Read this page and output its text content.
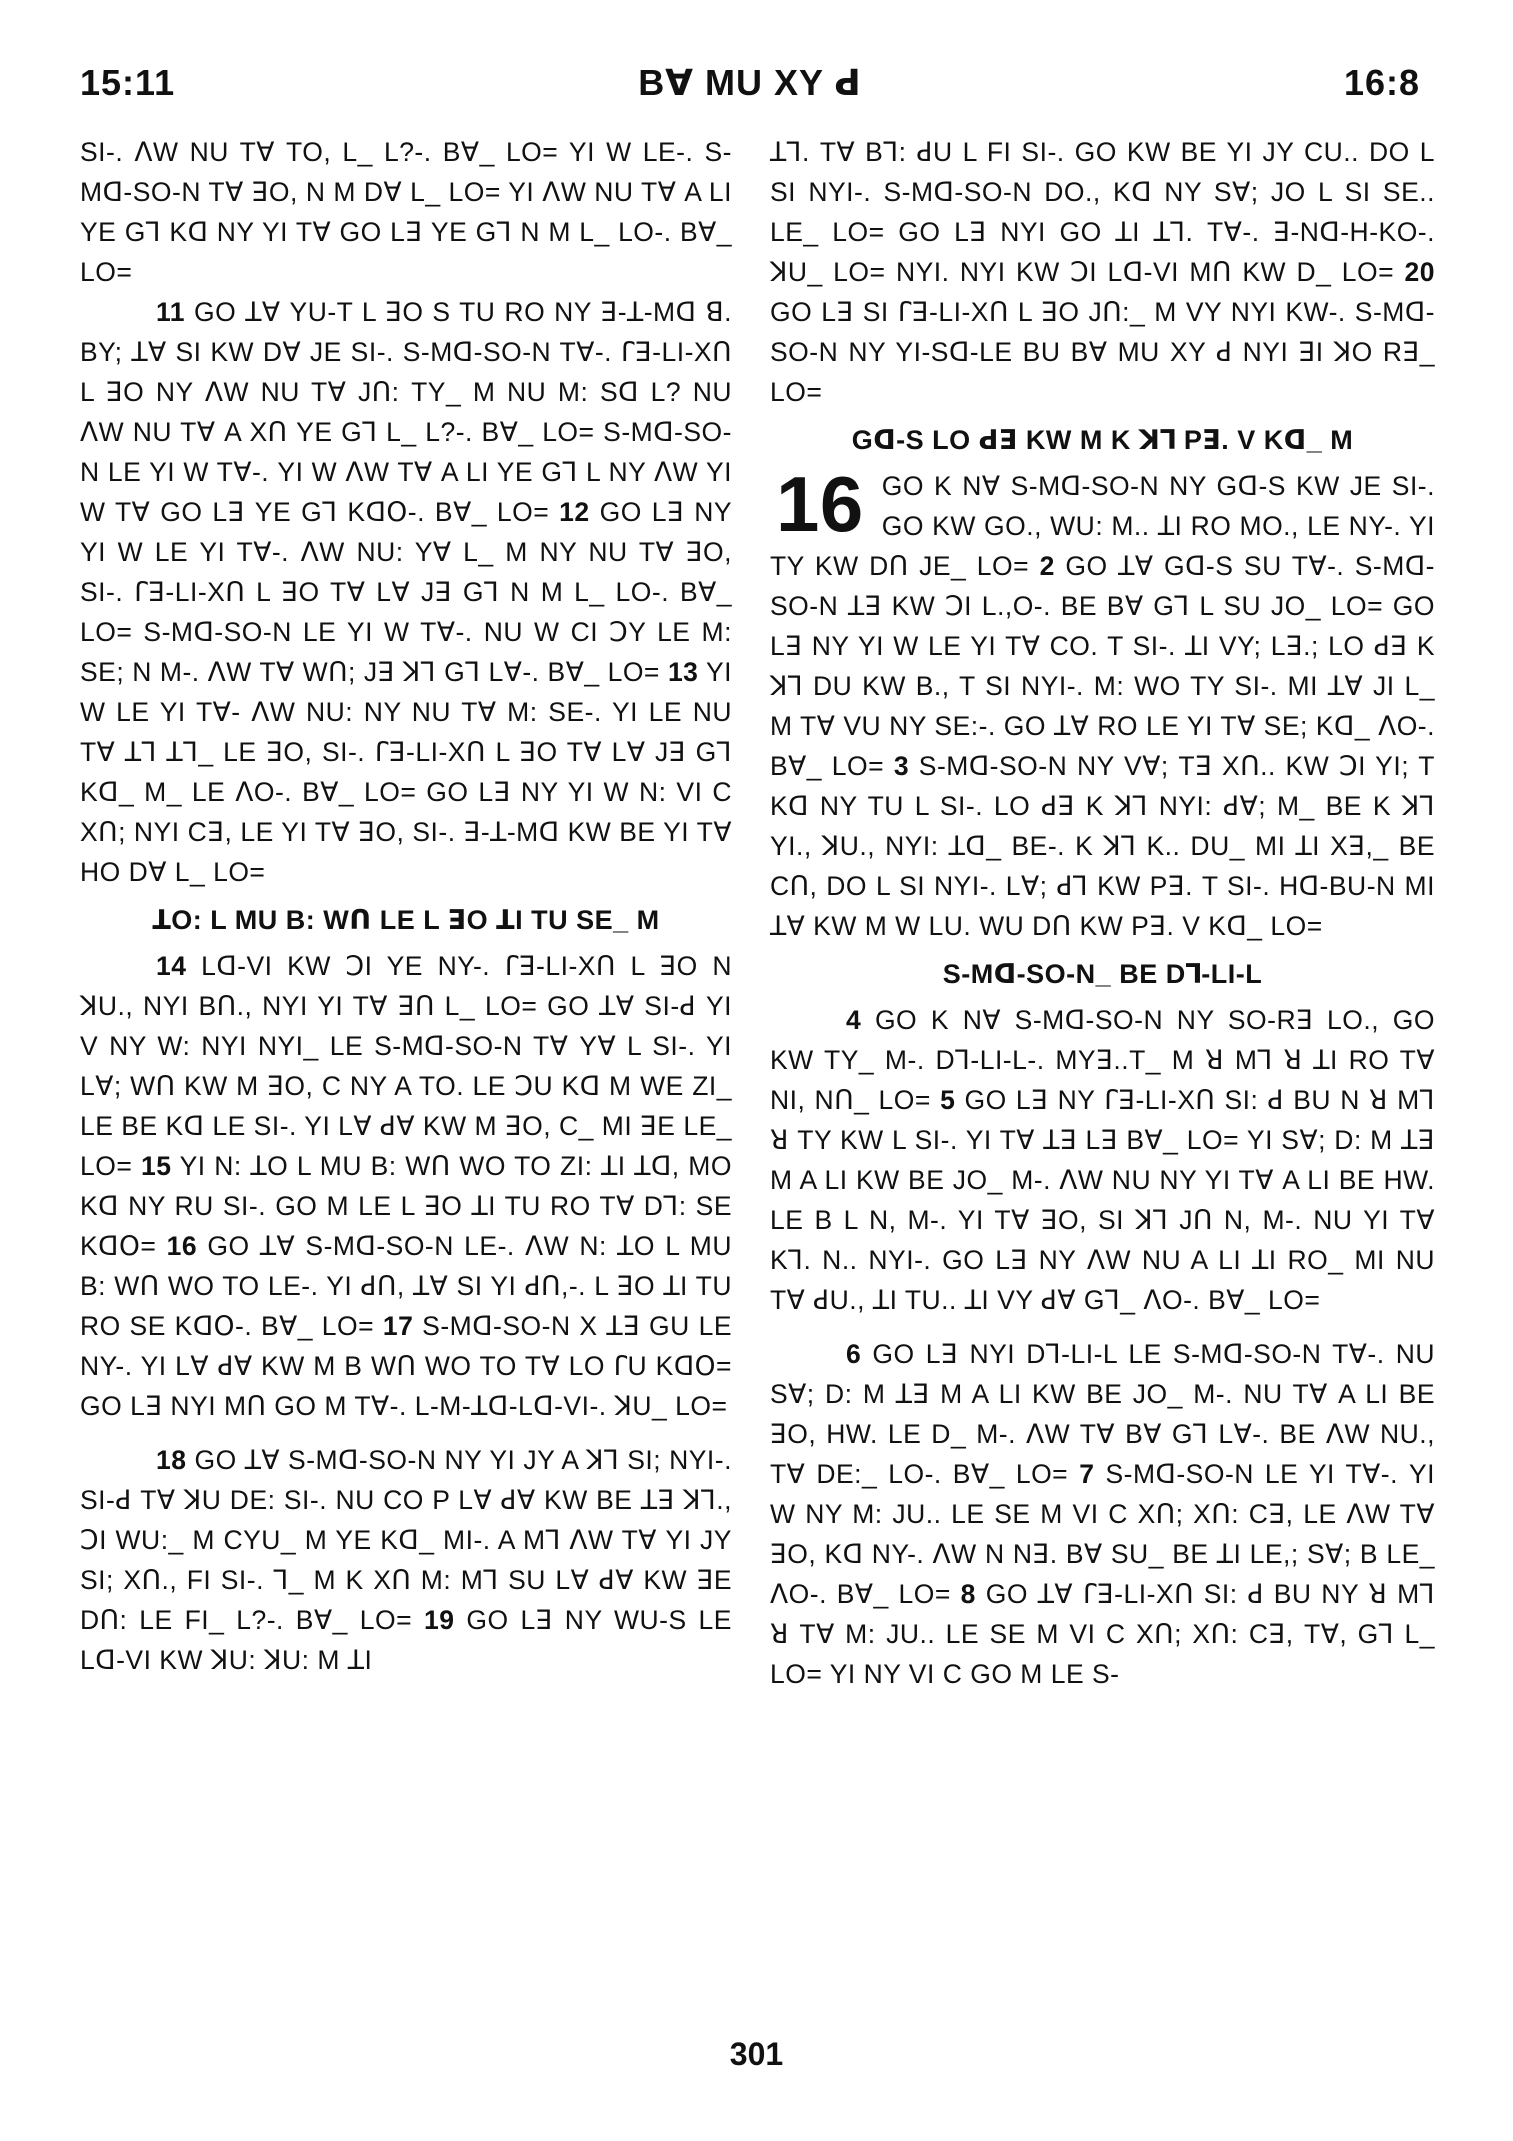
15:11	Bꓯ MU XY ꓒ	16:8

SI-. ꓥW NU Tꓯ TO, L_ L?-. Bꓯ_ LO= YI W LE-. S-Mꓷ-SO-N Tꓯ ꓱO, N M Dꓯ L_ LO= YI ꓥW NU Tꓯ A LI YE Gꓶ Kꓷ NY YI Tꓯ GO Lꓱ YE Gꓶ N M L_ LO-. Bꓯ_ LO=

11 GO ꓕꓯ YU-T L ꓱO S TU RO NY ꓱ-ꓕ-Mꓷ ꓭ. BY; ꓕꓯ SI KW Dꓯ JE SI-. S-Mꓷ-SO-N Tꓯ-. ꓩꓱ-LI-Xꓵ L ꓱO NY ꓥW NU Tꓯ Jꓵ: TY_ M NU M: Sꓷ L? NU ꓥW NU Tꓯ A Xꓵ YE Gꓶ L_ L?-. Bꓯ_ LO= S-Mꓷ-SO-N LE YI W Tꓯ-. YI W ꓥW Tꓯ A LI YE Gꓶ L NY ꓥW YI W Tꓯ GO Lꓱ YE Gꓶ Kꓷꓳ-. Bꓯ_ LO= 12 GO Lꓱ NY YI W LE YI Tꓯ-. ꓥW NU: Yꓯ L_ M NY NU Tꓯ ꓱO, SI-. ꓩꓱ-LI-Xꓵ L ꓱO Tꓯ Lꓯ Jꓱ Gꓶ N M L_ LO-. Bꓯ_ LO= S-Mꓷ-SO-N LE YI W Tꓯ-. NU W CI ꓛY LE M: SE; N M-. ꓥW Tꓯ Wꓵ; Jꓱ ꓘꓶ Gꓶ Lꓯ-. Bꓯ_ LO= 13 YI W LE YI Tꓯ- ꓥW NU: NY NU Tꓯ M: SE-. YI LE NU Tꓯ ꓕꓶ ꓕꓶ_ LE ꓱO, SI-. ꓩꓱ-LI-Xꓵ L ꓱO Tꓯ Lꓯ Jꓱ Gꓶ Kꓷ_ M_ LE ꓥO-. Bꓯ_ LO= GO Lꓱ NY YI W N: VI C Xꓵ; NYI Cꓱ, LE YI Tꓯ ꓱO, SI-. ꓱ-ꓕ-Mꓷ KW BE YI Tꓯ HO Dꓯ L_ LO=

ꓕO: L MU B: Wꓵ LE L ꓱO ꓕI TU SE_ M

14 Lꓷ-VI KW ꓛI YE NY-. ꓩꓱ-LI-Xꓵ L ꓱO N ꓘU., NYI Bꓵ., NYI YI Tꓯ ꓱꓵ L_ LO= GO ꓕꓯ SI-ꓒ YI V NY W: NYI NYI_ LE S-Mꓷ-SO-N Tꓯ Yꓯ L SI-. YI Lꓯ; Wꓵ KW M ꓱO, C NY A TO. LE ꓛU Kꓷ M WE ZI_ LE BE Kꓷ LE SI-. YI Lꓯ ꓒꓯ KW M ꓱO, C_ MI ꓱE LE_ LO= 15 YI N: ꓕO L MU B: Wꓵ WO TO ZI: ꓕI ꓕꓷ, MO Kꓷ NY RU SI-. GO M LE L ꓱO ꓕI TU RO Tꓯ Dꓶ: SE Kꓷꓳ= 16 GO ꓕꓯ S-Mꓷ-SO-N LE-. ꓥW N: ꓕO L MU B: Wꓵ WO TO LE-. YI ꓒꓵ, ꓕꓯ SI YI ꓒꓵ,-. L ꓱO ꓕI TU RO SE Kꓷꓳ-. Bꓯ_ LO= 17 S-Mꓷ-SO-N X ꓕꓱ GU LE NY-. YI Lꓯ ꓒꓯ KW M B Wꓵ WO TO Tꓯ LO ꓩU Kꓷꓳ= GO Lꓱ NYI Mꓵ GO M Tꓯ-. L-M-ꓕꓷ-Lꓷ-VI-. ꓘU_ LO=

18 GO ꓕꓯ S-Mꓷ-SO-N NY YI JY A ꓘꓶ SI; NYI-. SI-ꓒ Tꓯ ꓘU DE: SI-. NU CO P Lꓯ ꓒꓯ KW BE ꓕꓱ ꓘꓶ., ꓛI WU:_ M CYU_ M YE Kꓷ_ MI-. A Mꓶ ꓥW Tꓯ YI JY SI; Xꓵ., FI SI-. ꓶ_ M K Xꓵ M: Mꓶ SU Lꓯ ꓒꓯ KW ꓱE Dꓵ: LE FI_ L?-. Bꓯ_ LO= 19 GO Lꓱ NY WU-S LE Lꓷ-VI KW ꓘU: ꓘU: M ꓕI

ꓕꓶ. Tꓯ Bꓶ: ꓒU L FI SI-. GO KW BE YI JY CU.. DO L SI NYI-. S-Mꓷ-SO-N DO., Kꓷ NY Sꓯ; JO L SI SE.. LE_ LO= GO Lꓱ NYI GO ꓕI ꓕꓶ. Tꓯ-. ꓱ-Nꓷ-H-KO-. ꓘU_ LO= NYI. NYI KW ꓛI Lꓷ-VI Mꓵ KW D_ LO= 20 GO Lꓱ SI ꓩꓱ-LI-Xꓵ L ꓱO Jꓵ:_ M VY NYI KW-. S-Mꓷ-SO-N NY YI-Sꓷ-LE BU Bꓯ MU XY ꓒ NYI ꓱI ꓘO Rꓱ_ LO=

Gꓷ-S LO ꓒꓱ KW M K ꓘꓶ Pꓱ. V Kꓷ_ M
16 GO K Nꓯ S-Mꓷ-SO-N NY Gꓷ-S KW JE SI-. GO KW GO., WU: M.. ꓕI RO MO., LE NY-. YI TY KW Dꓵ JE_ LO= 2 GO ꓕꓯ Gꓷ-S SU Tꓯ-. S-Mꓷ-SO-N ꓕꓱ KW ꓛI L.,O-. BE Bꓯ Gꓶ L SU JO_ LO= GO Lꓱ NY YI W LE YI Tꓯ CO. T SI-. ꓕI VY; Lꓱ.; LO ꓒꓱ K ꓘꓶ DU KW B., T SI NYI-. M: WO TY SI-. MI ꓕꓯ JI L_ M Tꓯ VU NY SE:-. GO ꓕꓯ RO LE YI Tꓯ SE; Kꓷ_ ꓥO-. Bꓯ_ LO= 3 S-Mꓷ-SO-N NY Vꓯ; Tꓱ Xꓵ.. KW ꓛI YI; T Kꓷ NY TU L SI-. LO ꓒꓱ K ꓘꓶ NYI: ꓒꓯ; M_ BE K ꓘꓶ YI., ꓘU., NYI: ꓕꓷ_ BE-. K ꓘꓶ K.. DU_ MI ꓕI Xꓱ,_ BE Cꓵ, DO L SI NYI-. Lꓯ; ꓒꓶ KW Pꓱ. T SI-. Hꓷ-BU-N MI ꓕꓯ KW M W LU. WU Dꓵ KW Pꓱ. V Kꓷ_ LO=

S-Mꓷ-SO-N_ BE Dꓶ-LI-L

4 GO K Nꓯ S-Mꓷ-SO-N NY SO-Rꓱ LO., GO KW TY_ M-. Dꓶ-LI-L-. MYꓱ..T_ M ꓤ Mꓶ ꓤ ꓕI RO Tꓯ NI, Nꓵ_ LO= 5 GO Lꓱ NY ꓩꓱ-LI-Xꓵ SI: ꓒ BU N ꓤ Mꓶ ꓤ TY KW L SI-. YI Tꓯ ꓕꓱ Lꓱ Bꓯ_ LO= YI Sꓯ; D: M ꓕꓱ M A LI KW BE JO_ M-. ꓥW NU NY YI Tꓯ A LI BE HW. LE B L N, M-. YI Tꓯ ꓱO, SI ꓘꓶ Jꓵ N, M-. NU YI Tꓯ Kꓶ. N.. NYI-. GO Lꓱ NY ꓥW NU A LI ꓕI RO_ MI NU Tꓯ ꓒU., ꓕI TU.. ꓕI VY ꓒꓯ Gꓶ_ ꓥO-. Bꓯ_ LO=

6 GO Lꓱ NYI Dꓶ-LI-L LE S-Mꓷ-SO-N Tꓯ-. NU Sꓯ; D: M ꓕꓱ M A LI KW BE JO_ M-. NU Tꓯ A LI BE ꓱO, HW. LE D_ M-. ꓥW Tꓯ Bꓯ Gꓶ Lꓯ-. BE ꓥW NU., Tꓯ DE:_ LO-. Bꓯ_ LO= 7 S-Mꓷ-SO-N LE YI Tꓯ-. YI W NY M: JU.. LE SE M VI C Xꓵ; Xꓵ: Cꓱ, LE ꓥW Tꓯ ꓱO, Kꓷ NY-. ꓥW N Nꓱ. Bꓯ SU_ BE ꓕI LE,; Sꓯ; B LE_ ꓥO-. Bꓯ_ LO= 8 GO ꓕꓯ ꓩꓱ-LI-Xꓵ SI: ꓒ BU NY ꓤ Mꓶ ꓤ Tꓯ M: JU.. LE SE M VI C Xꓵ; Xꓵ: Cꓱ, Tꓯ, Gꓶ L_ LO= YI NY VI C GO M LE S-

301
